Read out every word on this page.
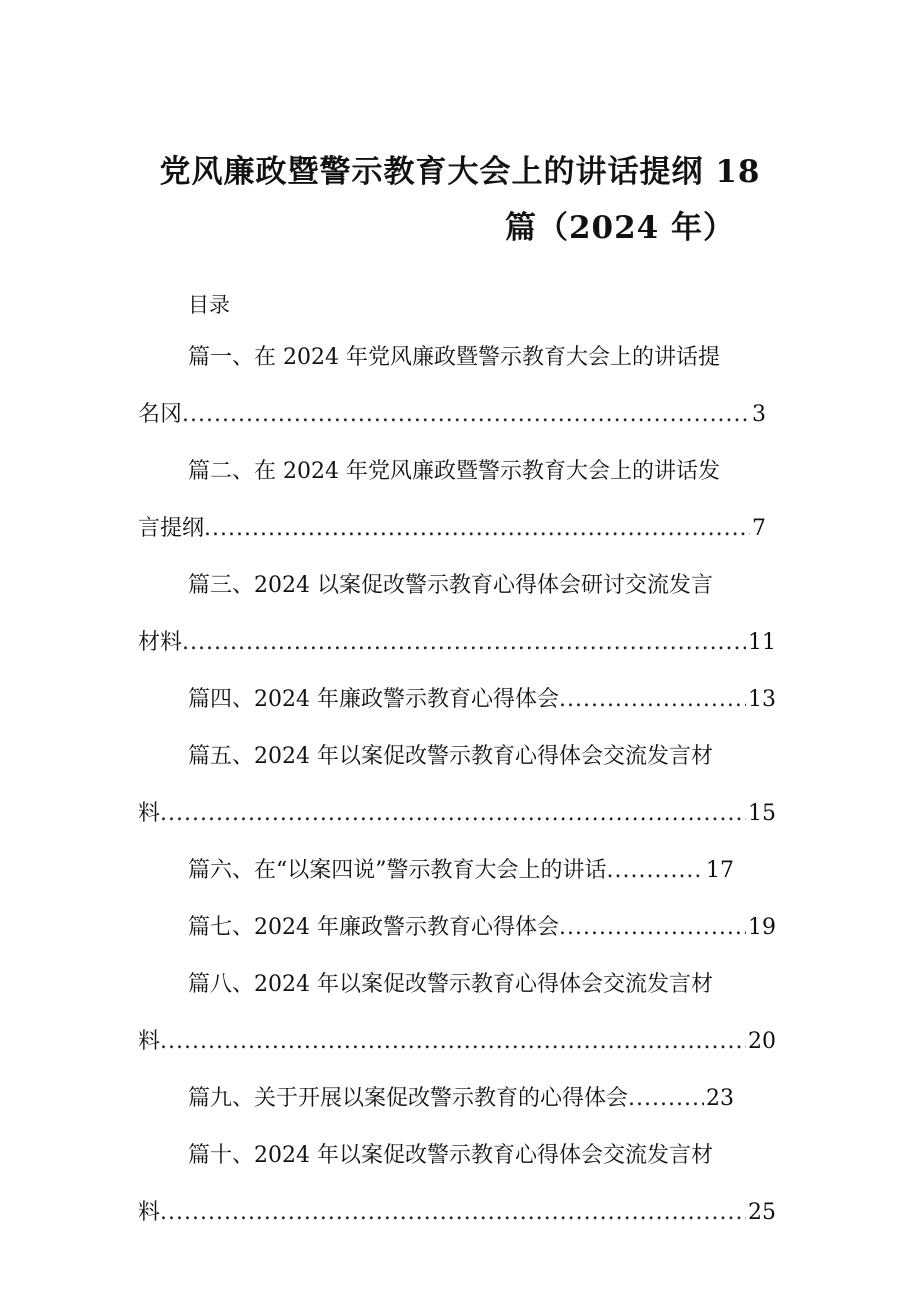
党风廉政暨警示教育大会上的讲话提纲 18
篇（2024 年）
目录
篇一、在 2024 年党风廉政暨警示教育大会上的讲话提
名冈 .....	3
篇二、在 2024 年党风廉政暨警示教育大会上的讲话发
言提纲 .....	7
篇三、2024 以案促改警示教育心得体会研讨交流发言
材料 .....	11
篇四、2024 年廉政警示教育心得体会 .....	13
篇五、2024 年以案促改警示教育心得体会交流发言材
料 .....	15
篇六、在“以案四说”警示教育大会上的讲话 .....	17
篇七、2024 年廉政警示教育心得体会 .....	19
篇八、2024 年以案促改警示教育心得体会交流发言材
料 .....	20
篇九、关于开展以案促改警示教育的心得体会 .....	23
篇十、2024 年以案促改警示教育心得体会交流发言材
料 .....	25
